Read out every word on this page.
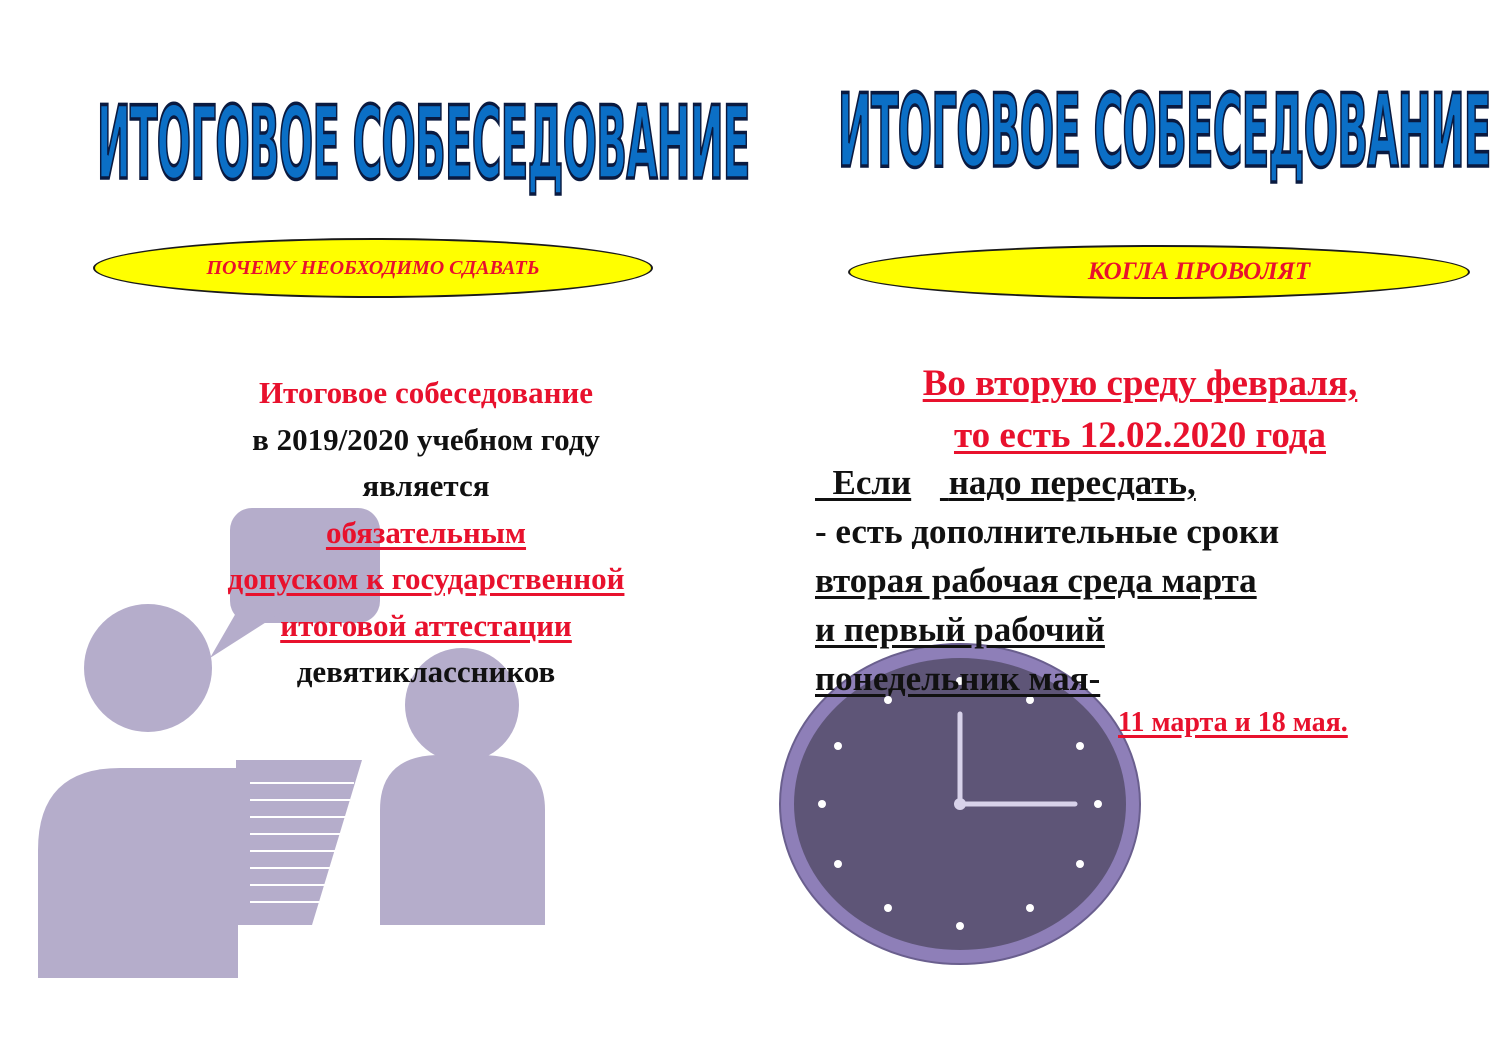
ИТОГОВОЕ СОБЕСЕДОВАНИЕ
ПОЧЕМУ НЕОБХОДИМО СДАВАТЬ
Итоговое собеседование
в 2019/2020 учебном году
является
обязательным
допуском к государственной
итоговой аттестации
девятиклассников
ИТОГОВОЕ СОБЕСЕДОВАНИЕ
КОГЛА ПРОВОЛЯТ
Во вторую среду февраля,
то есть 12.02.2020 года
Если надо пересдать,
- есть дополнительные сроки
вторая рабочая среда марта
и первый рабочий
понедельник мая-
11 марта и 18 мая.
